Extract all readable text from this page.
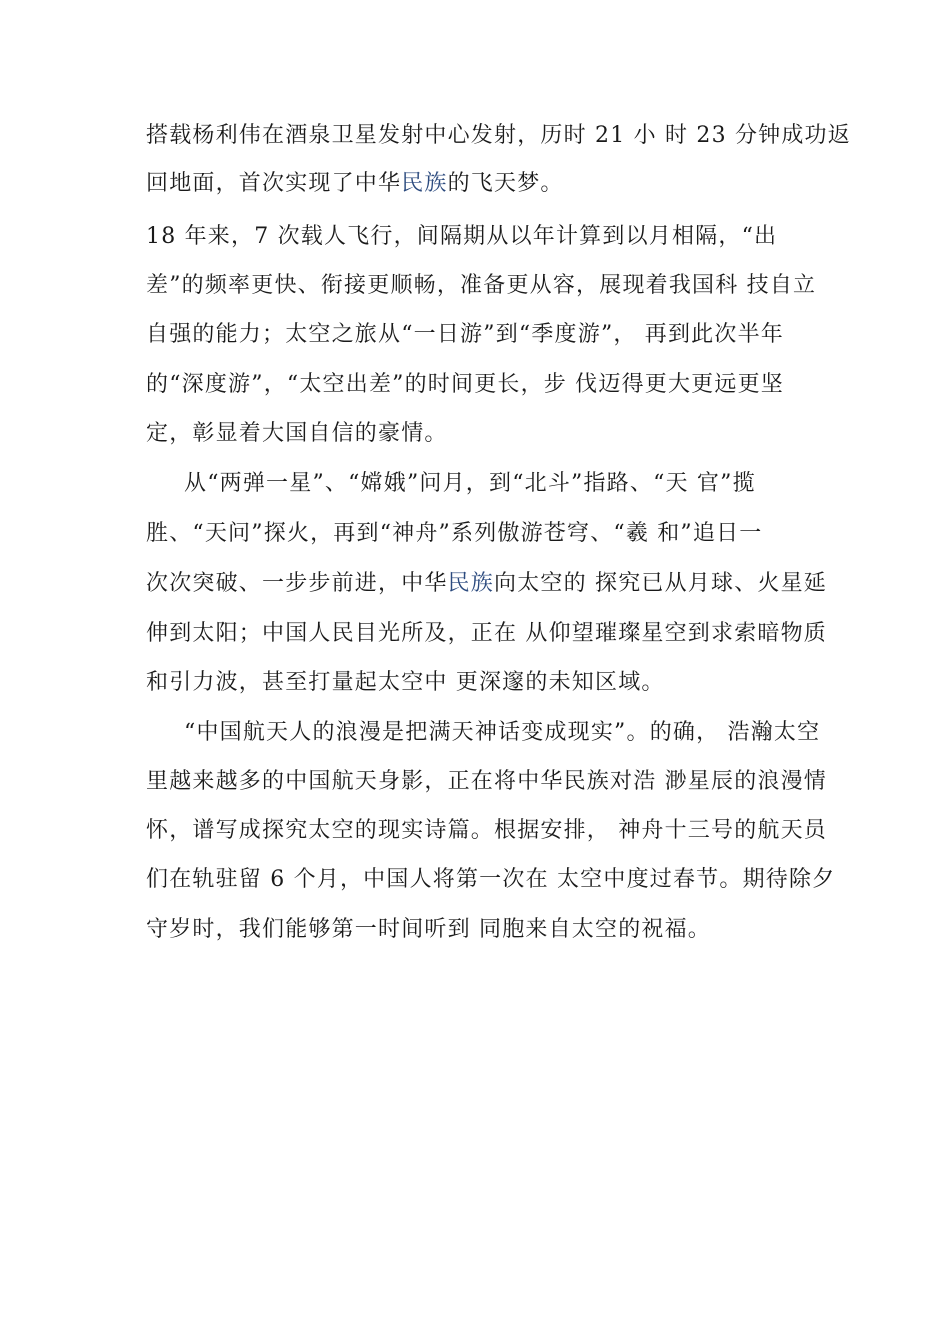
搭载杨利伟在酒泉卫星发射中心发射，历时 21 小 时 23 分钟成功返
回地面，首次实现了中华民族的飞天梦。
18 年来，7 次载人飞行，间隔期从以年计算到以月相隔，“出
差”的频率更快、衔接更顺畅，准备更从容，展现着我国科 技自立
自强的能力；太空之旅从“一日游”到“季度游”， 再到此次半年
的“深度游”，“太空出差”的时间更长，步 伐迈得更大更远更坚
定，彰显着大国自信的豪情。
从“两弹一星”、“嫦娥”问月，到“北斗”指路、“天 官”揽
胜、“天问”探火，再到“神舟”系列傲游苍穹、“羲 和”追日一
次次突破、一步步前进，中华民族向太空的 探究已从月球、火星延
伸到太阳；中国人民目光所及，正在 从仰望璀璨星空到求索暗物质
和引力波，甚至打量起太空中 更深邃的未知区域。
“中国航天人的浪漫是把满天神话变成现实”。的确， 浩瀚太空
里越来越多的中国航天身影，正在将中华民族对浩 渺星辰的浪漫情
怀，谱写成探究太空的现实诗篇。根据安排， 神舟十三号的航天员
们在轨驻留 6 个月，中国人将第一次在 太空中度过春节。期待除夕
守岁时，我们能够第一时间听到 同胞来自太空的祝福。
